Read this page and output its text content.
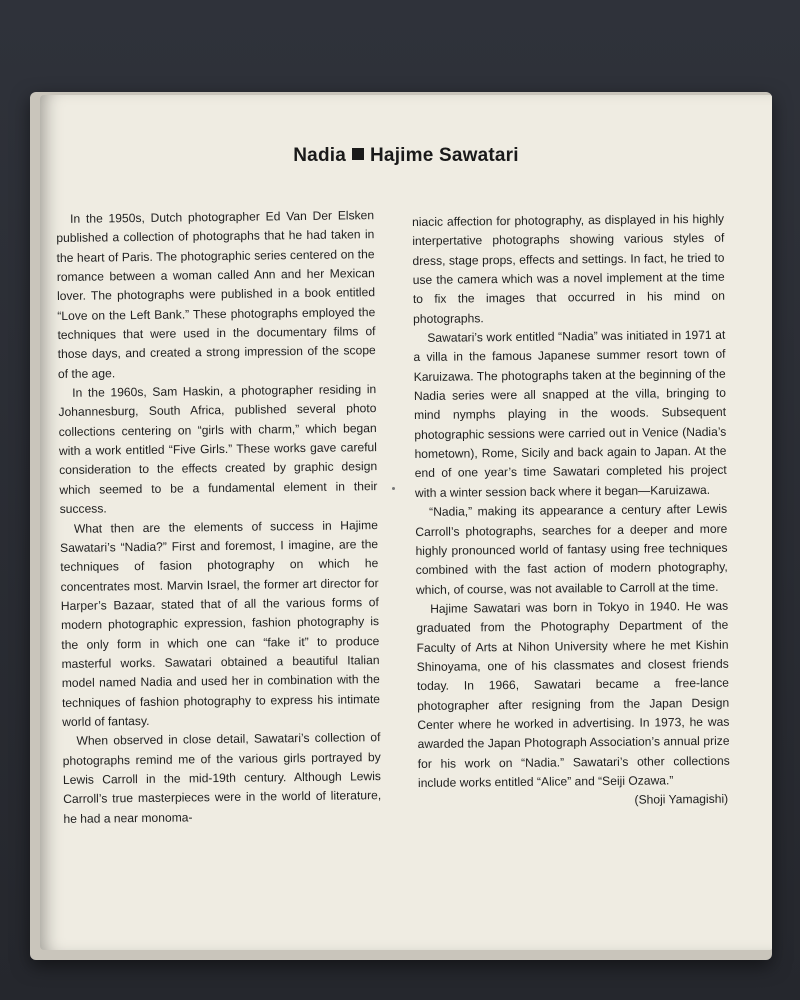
Nadia Hajime Sawatari

In the 1950s, Dutch photographer Ed Van Der Elsken published a collection of photographs that he had taken in the heart of Paris. The photographic series centered on the romance between a woman called Ann and her Mexican lover. The photographs were published in a book entitled “Love on the Left Bank.” These photographs employed the techniques that were used in the documentary films of those days, and created a strong impression of the scope of the age.

In the 1960s, Sam Haskin, a photographer residing in Johannesburg, South Africa, published several photo collections centering on “girls with charm,” which began with a work entitled “Five Girls.” These works gave careful consideration to the effects created by graphic design which seemed to be a fundamental element in their success.

What then are the elements of success in Hajime Sawatari’s “Nadia?” First and foremost, I imagine, are the techniques of fasion photography on which he concentrates most. Marvin Israel, the former art director for Harper’s Bazaar, stated that of all the various forms of modern photographic expression, fashion photography is the only form in which one can “fake it” to produce masterful works. Sawatari obtained a beautiful Italian model named Nadia and used her in combination with the techniques of fashion photography to express his intimate world of fantasy.

When observed in close detail, Sawatari’s collection of photographs remind me of the various girls portrayed by Lewis Carroll in the mid-19th century. Although Lewis Carroll’s true masterpieces were in the world of literature, he had a near monoma-

niacic affection for photography, as displayed in his highly interpertative photographs showing various styles of dress, stage props, effects and settings. In fact, he tried to use the camera which was a novel implement at the time to fix the images that occurred in his mind on photographs.

Sawatari’s work entitled “Nadia” was initiated in 1971 at a villa in the famous Japanese summer resort town of Karuizawa. The photographs taken at the beginning of the Nadia series were all snapped at the villa, bringing to mind nymphs playing in the woods. Subsequent photographic sessions were carried out in Venice (Nadia’s hometown), Rome, Sicily and back again to Japan. At the end of one year’s time Sawatari completed his project with a winter session back where it began—Karuizawa.

“Nadia,” making its appearance a century after Lewis Carroll’s photographs, searches for a deeper and more highly pronounced world of fantasy using free techniques combined with the fast action of modern photography, which, of course, was not available to Carroll at the time.

Hajime Sawatari was born in Tokyo in 1940. He was graduated from the Photography Department of the Faculty of Arts at Nihon University where he met Kishin Shinoyama, one of his classmates and closest friends today. In 1966, Sawatari became a free-lance photographer after resigning from the Japan Design Center where he worked in advertising. In 1973, he was awarded the Japan Photograph Association’s annual prize for his work on “Nadia.” Sawatari’s other collections include works entitled “Alice” and “Seiji Ozawa.”

(Shoji Yamagishi)
